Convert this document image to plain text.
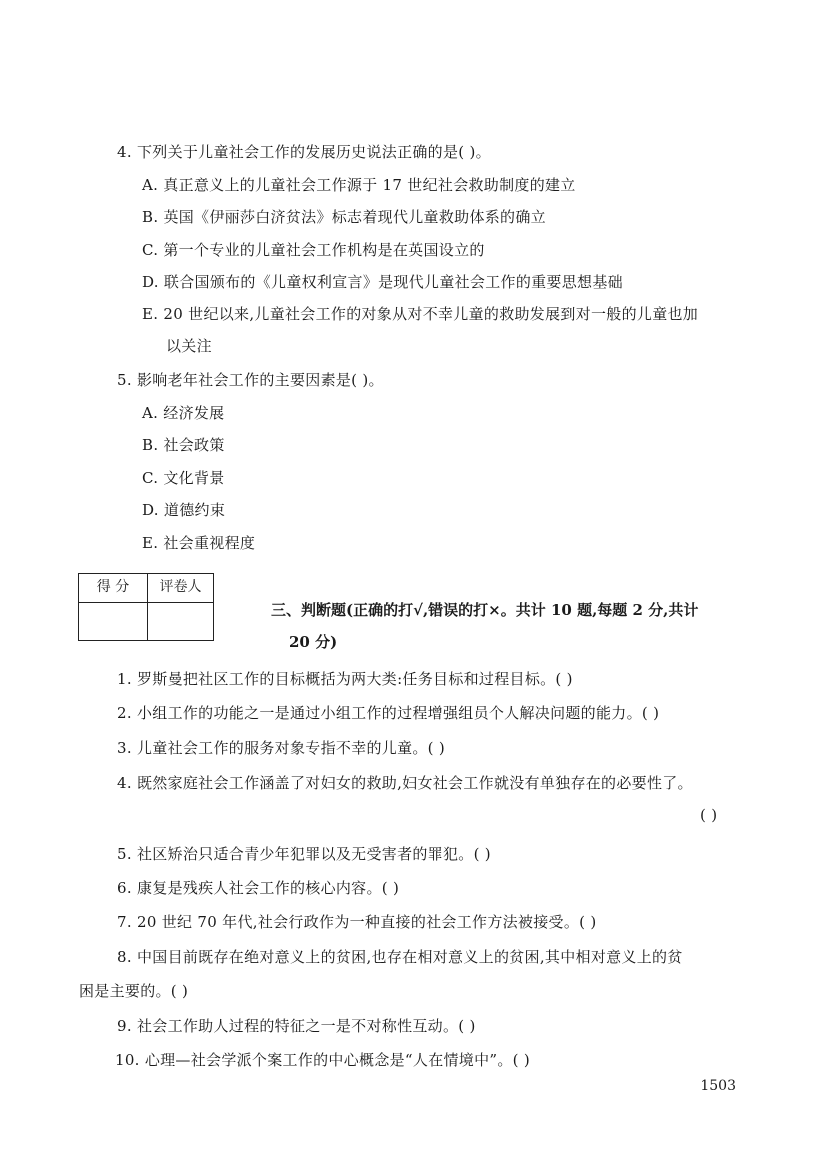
4. 下列关于儿童社会工作的发展历史说法正确的是( )。
A. 真正意义上的儿童社会工作源于 17 世纪社会救助制度的建立
B. 英国《伊丽莎白济贫法》标志着现代儿童救助体系的确立
C. 第一个专业的儿童社会工作机构是在英国设立的
D. 联合国颁布的《儿童权利宣言》是现代儿童社会工作的重要思想基础
E. 20 世纪以来,儿童社会工作的对象从对不幸儿童的救助发展到对一般的儿童也加
以关注
5. 影响老年社会工作的主要因素是( )。
A. 经济发展
B. 社会政策
C. 文化背景
D. 道德约束
E. 社会重视程度
得 分	评卷人
三、判断题(正确的打√,错误的打×。共计 10 题,每题 2 分,共计
20 分)
1. 罗斯曼把社区工作的目标概括为两大类:任务目标和过程目标。( )
2. 小组工作的功能之一是通过小组工作的过程增强组员个人解决问题的能力。( )
3. 儿童社会工作的服务对象专指不幸的儿童。( )
4. 既然家庭社会工作涵盖了对妇女的救助,妇女社会工作就没有单独存在的必要性了。
( )
5. 社区矫治只适合青少年犯罪以及无受害者的罪犯。( )
6. 康复是残疾人社会工作的核心内容。( )
7. 20 世纪 70 年代,社会行政作为一种直接的社会工作方法被接受。( )
8. 中国目前既存在绝对意义上的贫困,也存在相对意义上的贫困,其中相对意义上的贫
困是主要的。( )
9. 社会工作助人过程的特征之一是不对称性互动。( )
10. 心理—社会学派个案工作的中心概念是“人在情境中”。( )
1503
